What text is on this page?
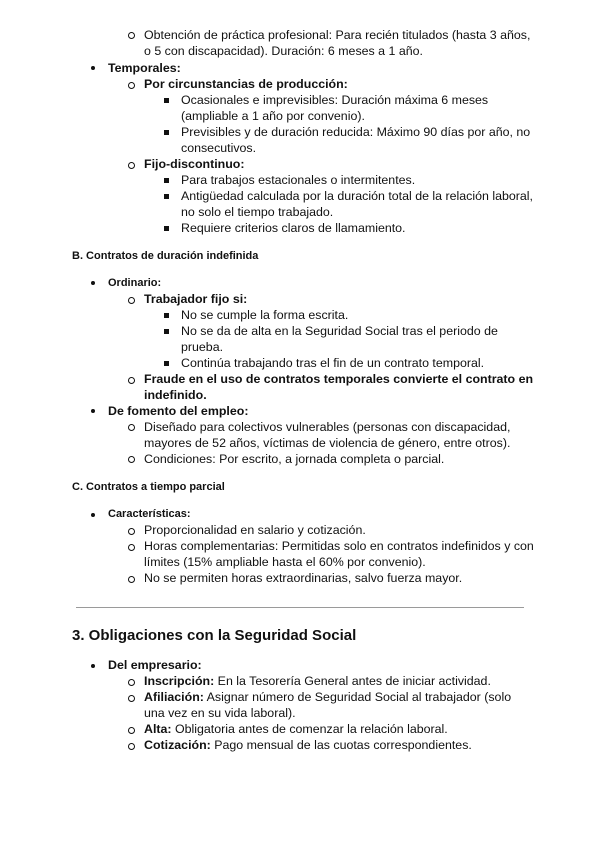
Obtención de práctica profesional: Para recién titulados (hasta 3 años,
o 5 con discapacidad). Duración: 6 meses a 1 año.
Temporales:
Por circunstancias de producción:
Ocasionales e imprevisibles: Duración máxima 6 meses
(ampliable a 1 año por convenio).
Previsibles y de duración reducida: Máximo 90 días por año, no
consecutivos.
Fijo-discontinuo:
Para trabajos estacionales o intermitentes.
Antigüedad calculada por la duración total de la relación laboral,
no solo el tiempo trabajado.
Requiere criterios claros de llamamiento.
B. Contratos de duración indefinida
Ordinario:
Trabajador fijo si:
No se cumple la forma escrita.
No se da de alta en la Seguridad Social tras el periodo de
prueba.
Continúa trabajando tras el fin de un contrato temporal.
Fraude en el uso de contratos temporales convierte el contrato en
indefinido.
De fomento del empleo:
Diseñado para colectivos vulnerables (personas con discapacidad,
mayores de 52 años, víctimas de violencia de género, entre otros).
Condiciones: Por escrito, a jornada completa o parcial.
C. Contratos a tiempo parcial
Características:
Proporcionalidad en salario y cotización.
Horas complementarias: Permitidas solo en contratos indefinidos y con
límites (15% ampliable hasta el 60% por convenio).
No se permiten horas extraordinarias, salvo fuerza mayor.
3. Obligaciones con la Seguridad Social
Del empresario:
Inscripción: En la Tesorería General antes de iniciar actividad.
Afiliación: Asignar número de Seguridad Social al trabajador (solo
una vez en su vida laboral).
Alta: Obligatoria antes de comenzar la relación laboral.
Cotización: Pago mensual de las cuotas correspondientes.
